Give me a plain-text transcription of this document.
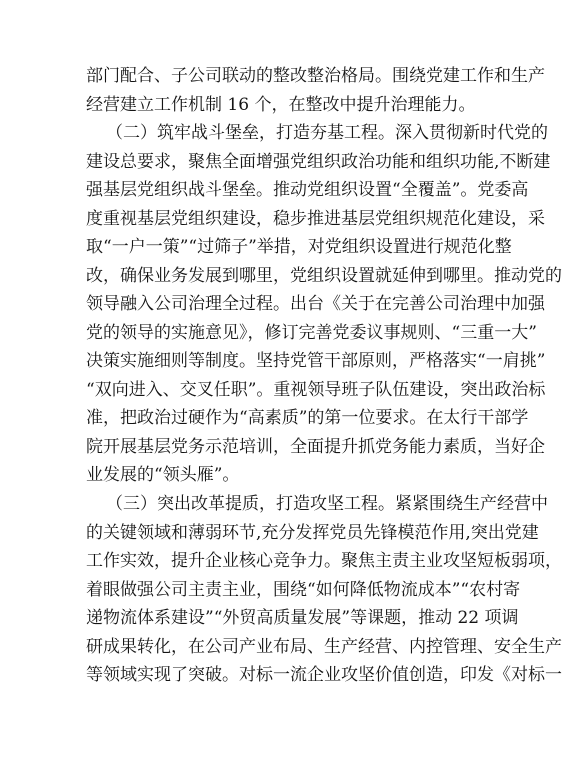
部门配合、子公司联动的整改整治格局。围绕党建工作和生产
经营建立工作机制 16 个，在整改中提升治理能力。
（二）筑牢战斗堡垒，打造夯基工程。深入贯彻新时代党的
建设总要求，聚焦全面增强党组织政治功能和组织功能,不断建
强基层党组织战斗堡垒。推动党组织设置“全覆盖”。党委高
度重视基层党组织建设，稳步推进基层党组织规范化建设，采
取“一户一策”“过筛子”举措，对党组织设置进行规范化整
改，确保业务发展到哪里，党组织设置就延伸到哪里。推动党的
领导融入公司治理全过程。出台《关于在完善公司治理中加强
党的领导的实施意见》，修订完善党委议事规则、“三重一大”
决策实施细则等制度。坚持党管干部原则，严格落实“一肩挑”
“双向进入、交叉任职”。重视领导班子队伍建设，突出政治标
准，把政治过硬作为“高素质”的第一位要求。在太行干部学
院开展基层党务示范培训，全面提升抓党务能力素质，当好企
业发展的“领头雁”。
（三）突出改革提质，打造攻坚工程。紧紧围绕生产经营中
的关键领域和薄弱环节,充分发挥党员先锋模范作用,突出党建
工作实效，提升企业核心竞争力。聚焦主责主业攻坚短板弱项，
着眼做强公司主责主业，围绕“如何降低物流成本”“农村寄
递物流体系建设”“外贸高质量发展”等课题，推动 22 项调
研成果转化，在公司产业布局、生产经营、内控管理、安全生产
等领域实现了突破。对标一流企业攻坚价值创造，印发《对标一
